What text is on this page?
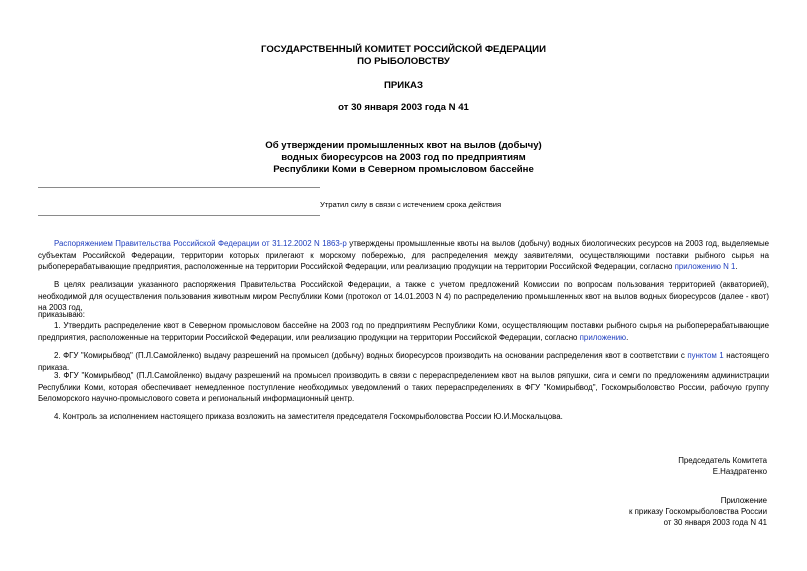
ГОСУДАРСТВЕННЫЙ КОМИТЕТ РОССИЙСКОЙ ФЕДЕРАЦИИ

ПО РЫБОЛОВСТВУ

ПРИКАЗ

от 30 января 2003 года N 41

Об утверждении промышленных квот на вылов (добычу)

водных биоресурсов на 2003 год по предприятиям

Республики Коми в Северном промысловом бассейне

Утратил силу в связи с истечением срока действия

Распоряжением Правительства Российской Федерации от 31.12.2002 N 1863-р утверждены промышленные квоты на вылов (добычу) водных биологических ресурсов на 2003 год, выделяемые субъектам Российской Федерации, территории которых прилегают к морскому побережью, для распределения между заявителями, осуществляющими поставки рыбного сырья на рыбоперерабатывающие предприятия, расположенные на территории Российской Федерации, или реализацию продукции на территории Российской Федерации, согласно приложению N 1.

В целях реализации указанного распоряжения Правительства Российской Федерации, а также с учетом предложений Комиссии по вопросам пользования территорией (акваторией), необходимой для осуществления пользования животным миром Республики Коми (протокол от 14.01.2003 N 4) по распределению промышленных квот на вылов водных биоресурсов (далее - квот) на 2003 год,

приказываю:

1. Утвердить распределение квот в Северном промысловом бассейне на 2003 год по предприятиям Республики Коми, осуществляющим поставки рыбного сырья на рыбоперерабатывающие предприятия, расположенные на территории Российской Федерации, или реализацию продукции на территории Российской Федерации, согласно приложению.

2. ФГУ "Комирыбвод" (П.Л.Самойленко) выдачу разрешений на промысел (добычу) водных биоресурсов производить на основании распределения квот в соответствии с пунктом 1 настоящего приказа.

3. ФГУ "Комирыбвод" (П.Л.Самойленко) выдачу разрешений на промысел производить в связи с перераспределением квот на вылов ряпушки, сига и семги по предложениям администрации Республики Коми, которая обеспечивает немедленное поступление необходимых уведомлений о таких перераспределениях в ФГУ "Комирыбвод", Госкомрыболовство России, рабочую группу Беломорского научно-промыслового совета и региональный информационный центр.

4. Контроль за исполнением настоящего приказа возложить на заместителя председателя Госкомрыболовства России Ю.И.Москальцова.

Председатель Комитета
Е.Наздратенко
Приложение
к приказу Госкомрыболовства России
от 30 января 2003 года N 41
